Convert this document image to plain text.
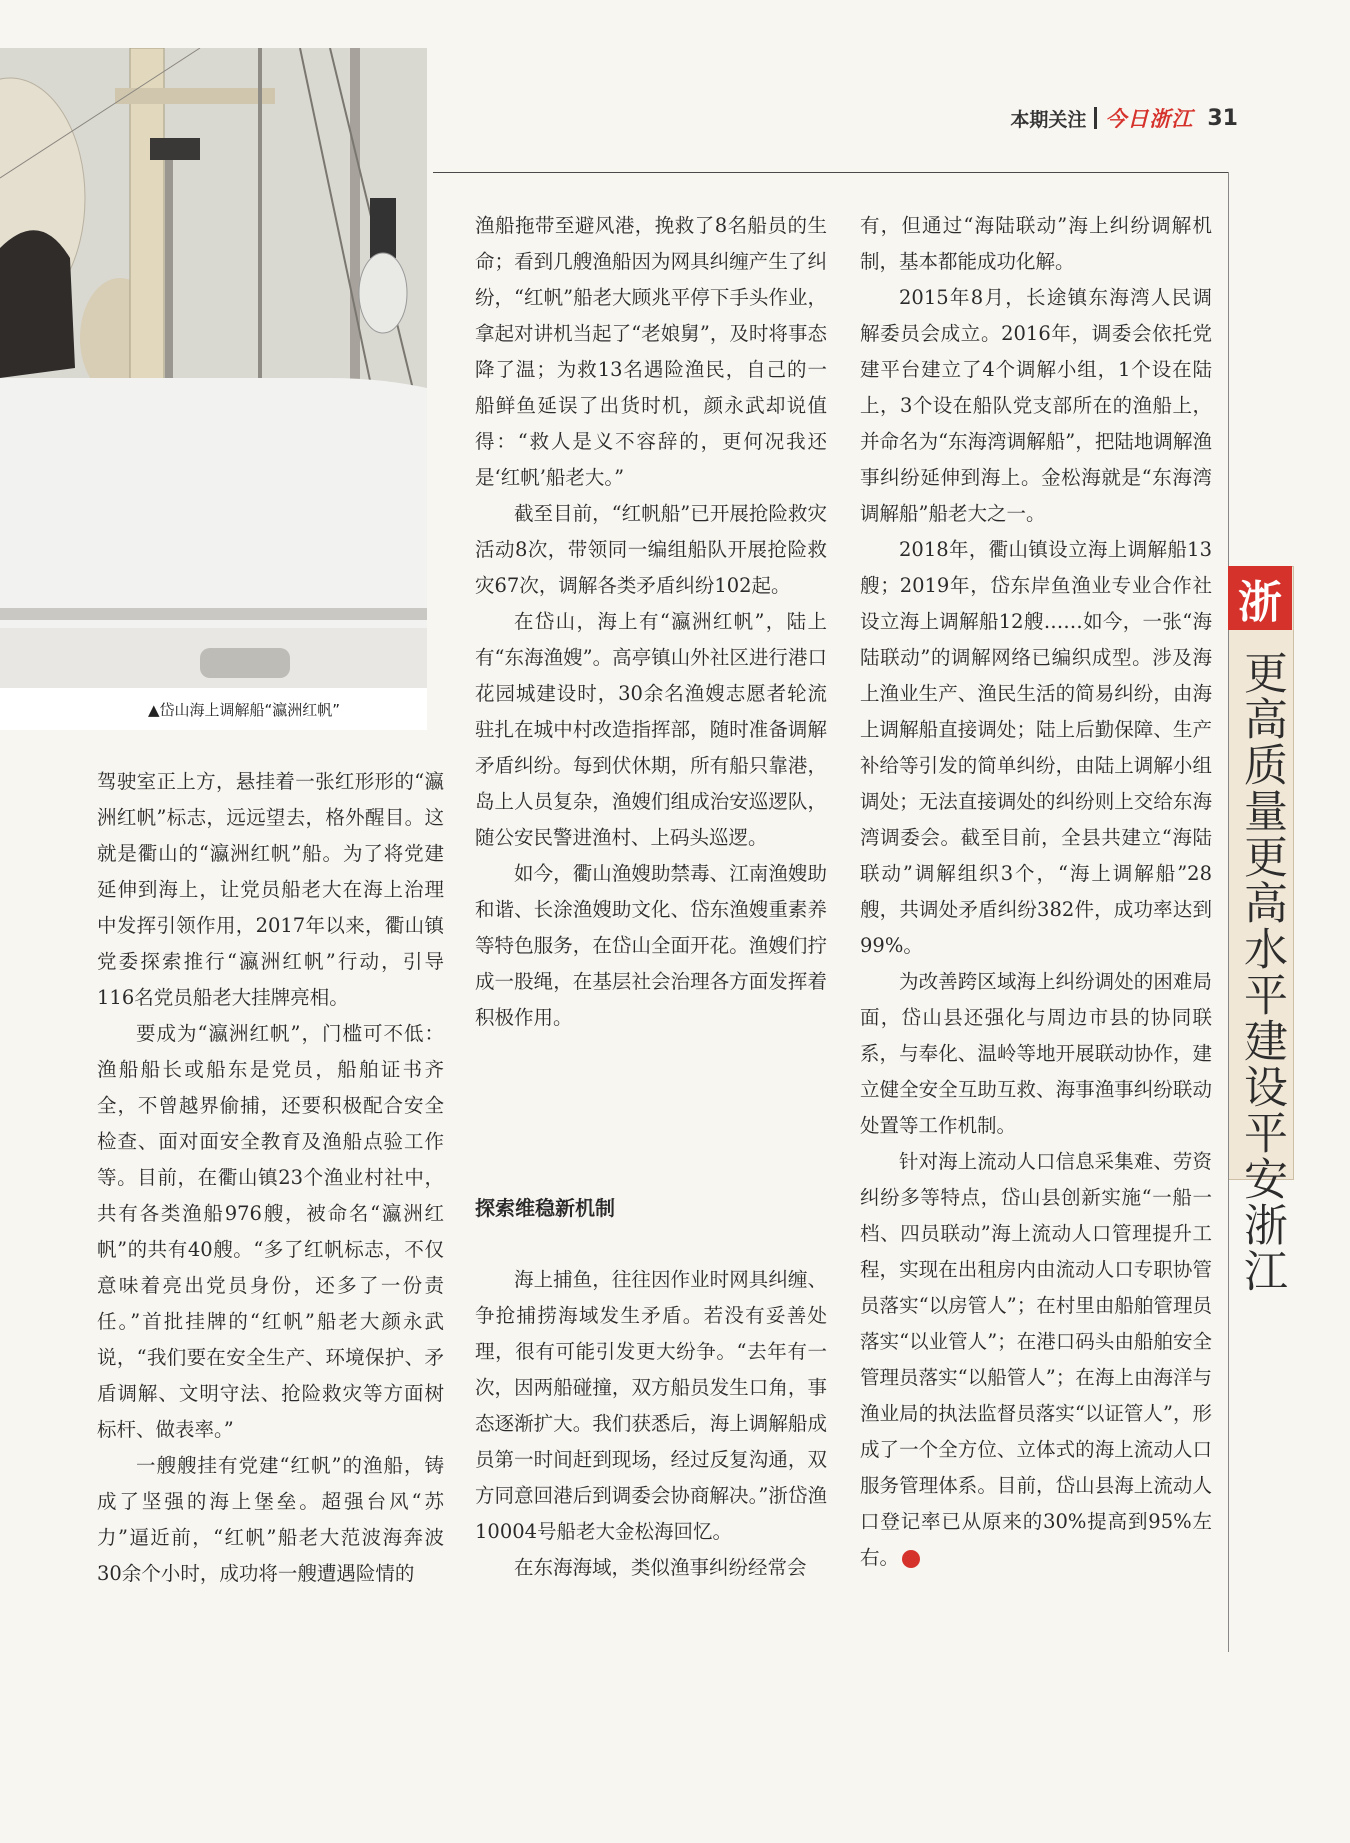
本期关注 今日浙江 31
▲岱山海上调解船“瀛洲红帆”

驾驶室正上方，悬挂着一张红形形的“瀛洲红帆”标志，远远望去，格外醒目。这就是衢山的“瀛洲红帆”船。为了将党建延伸到海上，让党员船老大在海上治理中发挥引领作用，2017年以来，衢山镇党委探索推行“瀛洲红帆”行动，引导116名党员船老大挂牌亮相。

要成为“瀛洲红帆”，门槛可不低：渔船船长或船东是党员，船舶证书齐全，不曾越界偷捕，还要积极配合安全检查、面对面安全教育及渔船点验工作等。目前，在衢山镇23个渔业村社中，共有各类渔船976艘，被命名“瀛洲红帆”的共有40艘。“多了红帆标志，不仅意味着亮出党员身份，还多了一份责任。”首批挂牌的“红帆”船老大颜永武说，“我们要在安全生产、环境保护、矛盾调解、文明守法、抢险救灾等方面树标杆、做表率。”

一艘艘挂有党建“红帆”的渔船，铸成了坚强的海上堡垒。超强台风“苏力”逼近前，“红帆”船老大范波海奔波30余个小时，成功将一艘遭遇险情的

渔船拖带至避风港，挽救了8名船员的生命；看到几艘渔船因为网具纠缠产生了纠纷，“红帆”船老大顾兆平停下手头作业，拿起对讲机当起了“老娘舅”，及时将事态降了温；为救13名遇险渔民，自己的一船鲜鱼延误了出货时机，颜永武却说值得：“救人是义不容辞的，更何况我还是‘红帆’船老大。”

截至目前，“红帆船”已开展抢险救灾活动8次，带领同一编组船队开展抢险救灾67次，调解各类矛盾纠纷102起。

在岱山，海上有“瀛洲红帆”，陆上有“东海渔嫂”。高亭镇山外社区进行港口花园城建设时，30余名渔嫂志愿者轮流驻扎在城中村改造指挥部，随时准备调解矛盾纠纷。每到伏休期，所有船只靠港，岛上人员复杂，渔嫂们组成治安巡逻队，随公安民警进渔村、上码头巡逻。

如今，衢山渔嫂助禁毒、江南渔嫂助和谐、长涂渔嫂助文化、岱东渔嫂重素养等特色服务，在岱山全面开花。渔嫂们拧成一股绳，在基层社会治理各方面发挥着积极作用。

探索维稳新机制

海上捕鱼，往往因作业时网具纠缠、争抢捕捞海域发生矛盾。若没有妥善处理，很有可能引发更大纷争。“去年有一次，因两船碰撞，双方船员发生口角，事态逐渐扩大。我们获悉后，海上调解船成员第一时间赶到现场，经过反复沟通，双方同意回港后到调委会协商解决。”浙岱渔10004号船老大金松海回忆。

在东海海域，类似渔事纠纷经常会

有，但通过“海陆联动”海上纠纷调解机制，基本都能成功化解。

2015年8月，长途镇东海湾人民调解委员会成立。2016年，调委会依托党建平台建立了4个调解小组，1个设在陆上，3个设在船队党支部所在的渔船上，并命名为“东海湾调解船”，把陆地调解渔事纠纷延伸到海上。金松海就是“东海湾调解船”船老大之一。

2018年，衢山镇设立海上调解船13艘；2019年，岱东岸鱼渔业专业合作社设立海上调解船12艘……如今，一张“海陆联动”的调解网络已编织成型。涉及海上渔业生产、渔民生活的简易纠纷，由海上调解船直接调处；陆上后勤保障、生产补给等引发的简单纠纷，由陆上调解小组调处；无法直接调处的纠纷则上交给东海湾调委会。截至目前，全县共建立“海陆联动”调解组织3个，“海上调解船”28艘，共调处矛盾纠纷382件，成功率达到99%。

为改善跨区域海上纠纷调处的困难局面，岱山县还强化与周边市县的协同联系，与奉化、温岭等地开展联动协作，建立健全安全互助互救、海事渔事纠纷联动处置等工作机制。

针对海上流动人口信息采集难、劳资纠纷多等特点，岱山县创新实施“一船一档、四员联动”海上流动人口管理提升工程，实现在出租房内由流动人口专职协管员落实“以房管人”；在村里由船舶管理员落实“以业管人”；在港口码头由船舶安全管理员落实“以船管人”；在海上由海洋与渔业局的执法监督员落实“以证管人”，形成了一个全方位、立体式的海上流动人口服务管理体系。目前，岱山县海上流动人口登记率已从原来的30%提高到95%左右。

浙
更高质量更高水平建设平安浙江
